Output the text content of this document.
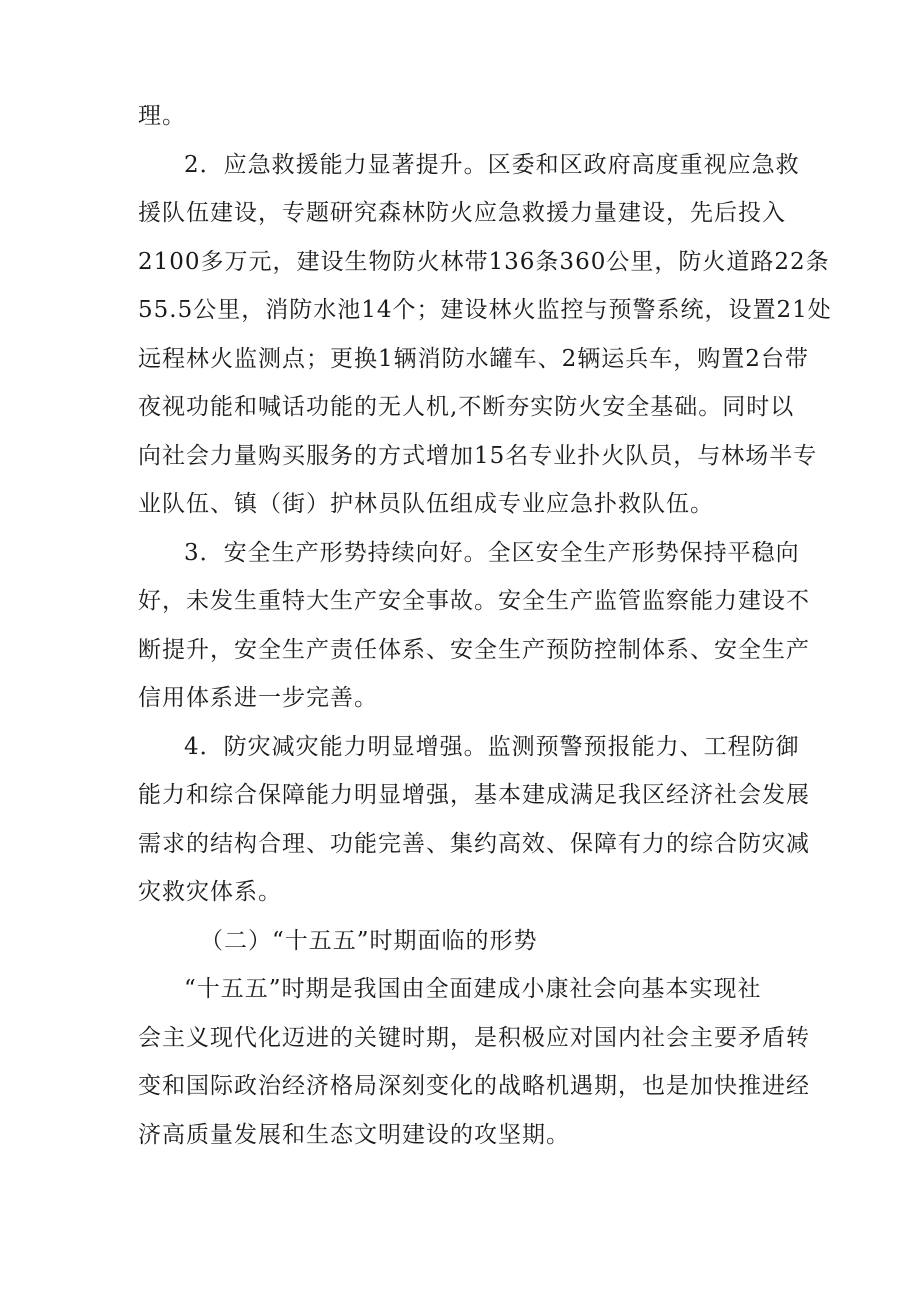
理。
2．应急救援能力显著提升。区委和区政府高度重视应急救
援队伍建设，专题研究森林防火应急救援力量建设，先后投入
2100多万元，建设生物防火林带136条360公里，防火道路22条
55.5公里，消防水池14个；建设林火监控与预警系统，设置21处
远程林火监测点；更换1辆消防水罐车、2辆运兵车，购置2台带
夜视功能和喊话功能的无人机,不断夯实防火安全基础。同时以
向社会力量购买服务的方式增加15名专业扑火队员，与林场半专
业队伍、镇（街）护林员队伍组成专业应急扑救队伍。
3．安全生产形势持续向好。全区安全生产形势保持平稳向
好，未发生重特大生产安全事故。安全生产监管监察能力建设不
断提升，安全生产责任体系、安全生产预防控制体系、安全生产
信用体系进一步完善。
4．防灾减灾能力明显增强。监测预警预报能力、工程防御
能力和综合保障能力明显增强，基本建成满足我区经济社会发展
需求的结构合理、功能完善、集约高效、保障有力的综合防灾减
灾救灾体系。
（二）“十五五”时期面临的形势
“十五五”时期是我国由全面建成小康社会向基本实现社
会主义现代化迈进的关键时期，是积极应对国内社会主要矛盾转
变和国际政治经济格局深刻变化的战略机遇期，也是加快推进经
济高质量发展和生态文明建设的攻坚期。
